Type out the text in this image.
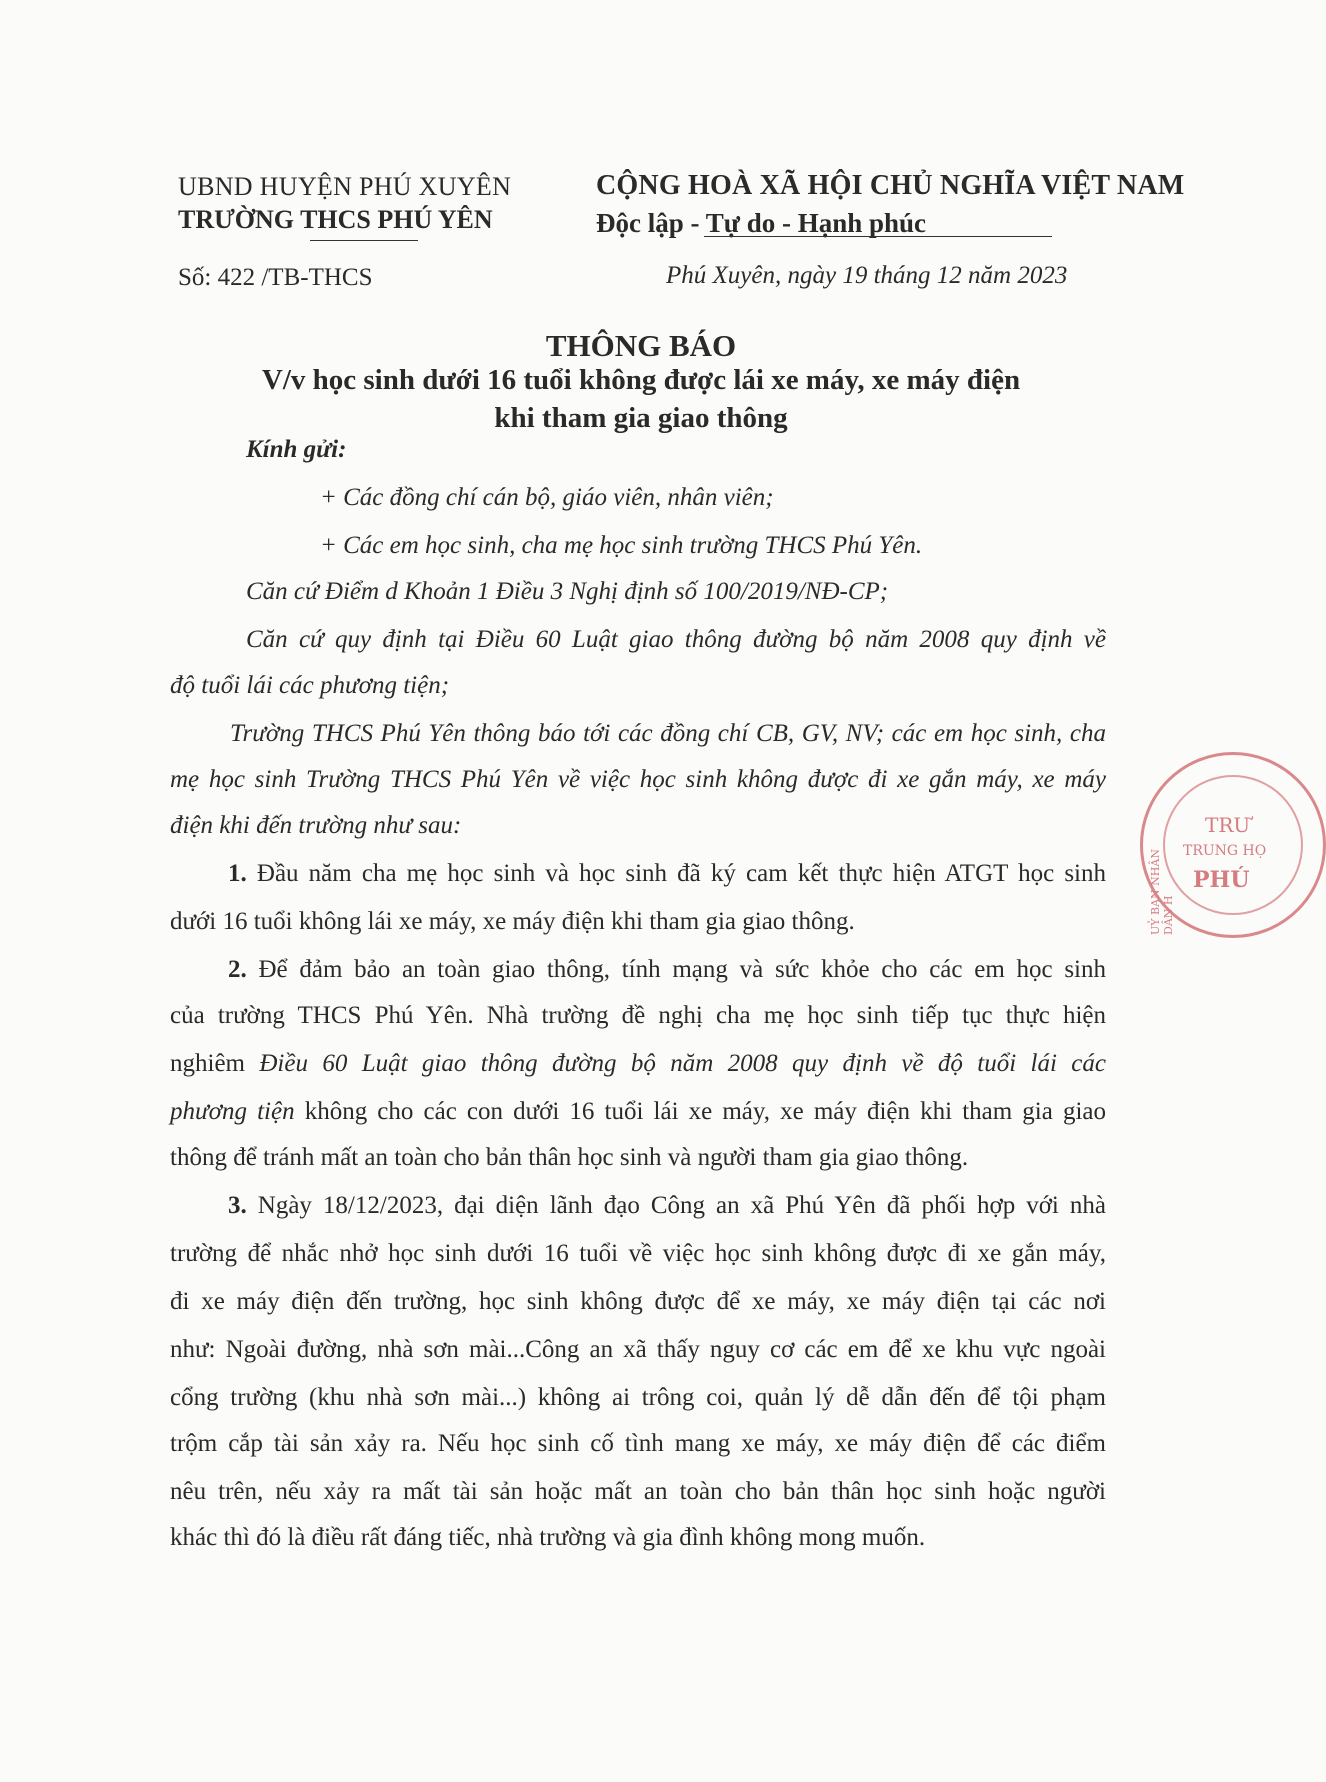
UBND HUYỆN PHÚ XUYÊN
TRƯỜNG THCS PHÚ YÊN
CỘNG HOÀ XÃ HỘI CHỦ NGHĨA VIỆT NAM
Độc lập - Tự do - Hạnh phúc
Số: 422 /TB-THCS	Phú Xuyên, ngày 19 tháng 12 năm 2023
THÔNG BÁO
V/v học sinh dưới 16 tuổi không được lái xe máy, xe máy điện
khi tham gia giao thông
Kính gửi:
+ Các đồng chí cán bộ, giáo viên, nhân viên;
+ Các em học sinh, cha mẹ học sinh trường THCS Phú Yên.
Căn cứ Điểm d Khoản 1 Điều 3 Nghị định số 100/2019/NĐ-CP;
Căn cứ quy định tại Điều 60 Luật giao thông đường bộ năm 2008 quy định về
độ tuổi lái các phương tiện;
Trường THCS Phú Yên thông báo tới các đồng chí CB, GV, NV; các em học sinh, cha
mẹ học sinh Trường THCS Phú Yên về việc học sinh không được đi xe gắn máy, xe máy
điện khi đến trường như sau:
1. Đầu năm cha mẹ học sinh và học sinh đã ký cam kết thực hiện ATGT học sinh
dưới 16 tuổi không lái xe máy, xe máy điện khi tham gia giao thông.
2. Để đảm bảo an toàn giao thông, tính mạng và sức khỏe cho các em học sinh
của trường THCS Phú Yên. Nhà trường đề nghị cha mẹ học sinh tiếp tục thực hiện
nghiêm Điều 60 Luật giao thông đường bộ năm 2008 quy định về độ tuổi lái các
phương tiện không cho các con dưới 16 tuổi lái xe máy, xe máy điện khi tham gia giao
thông để tránh mất an toàn cho bản thân học sinh và người tham gia giao thông.
3. Ngày 18/12/2023, đại diện lãnh đạo Công an xã Phú Yên đã phối hợp với nhà
trường để nhắc nhở học sinh dưới 16 tuổi về việc học sinh không được đi xe gắn máy,
đi xe máy điện đến trường, học sinh không được để xe máy, xe máy điện tại các nơi
như: Ngoài đường, nhà sơn mài...Công an xã thấy nguy cơ các em để xe khu vực ngoài
cổng trường (khu nhà sơn mài...) không ai trông coi, quản lý dễ dẫn đến để tội phạm
trộm cắp tài sản xảy ra. Nếu học sinh cố tình mang xe máy, xe máy điện để các điểm
nêu trên, nếu xảy ra mất tài sản hoặc mất an toàn cho bản thân học sinh hoặc người
khác thì đó là điều rất đáng tiếc, nhà trường và gia đình không mong muốn.
TRƯ
TRUNG HỌ
PHÚ
UỶ BAN NHÂN DÂN H
